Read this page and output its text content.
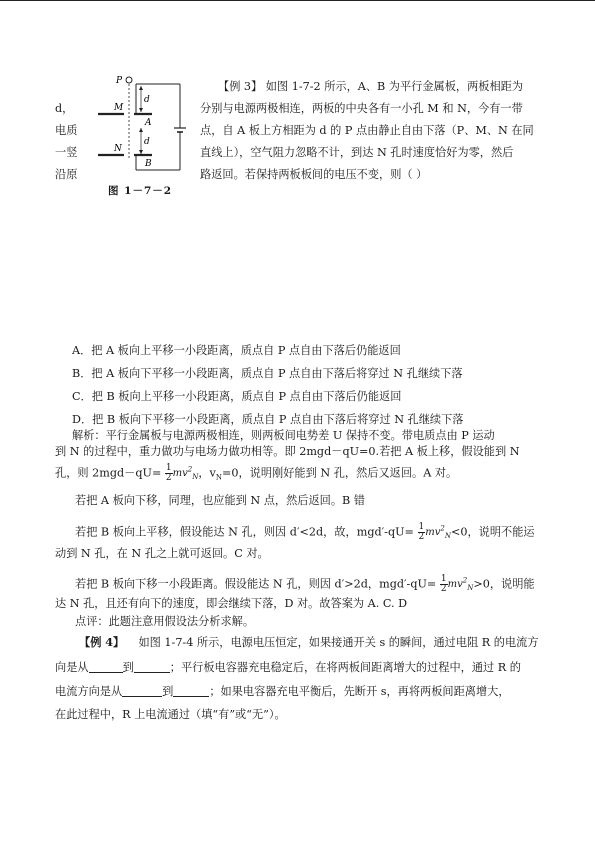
P
d
M
A
d
N
B
图 1－7－2
d，
电质
一竖
沿原
【例 3】 如图 1-7-2 所示，A、B 为平行金属板，两板相距为
分别与电源两极相连，两板的中央各有一小孔 M 和 N，今有一带
点，自 A 板上方相距为 d 的 P 点由静止自由下落（P、M、N 在同
直线上），空气阻力忽略不计，到达 N 孔时速度恰好为零，然后
路返回。若保持两板板间的电压不变，则（ ）
A．把 A 板向上平移一小段距离，质点自 P 点自由下落后仍能返回
B．把 A 板向下平移一小段距离，质点自 P 点自由下落后将穿过 N 孔继续下落
C．把 B 板向上平移一小段距离，质点自 P 点自由下落后仍能返回
D．把 B 板向下平移一小段距离，质点自 P 点自由下落后将穿过 N 孔继续下落
解析：平行金属板与电源两极相连，则两板间电势差 U 保持不变。带电质点由 P 运动
到 N 的过程中，重力做功与电场力做功相等。即 2mgd－qU=0.若把 A 板上移，假设能到 N
孔，则 $2mgd-qU= \frac{1}{2} mv^2_N$，$v_N=0$，说明刚好能到 N 孔，然后又返回。A 对。
若把 A 板向下移，同理，也应能到 N 点，然后返回。B 错
若把 B 板向上平移，假设能达 N 孔，则因 d′<2d，故，$mgd'-qU= \frac{1}{2} mv^2_N<0$，说明不能运
动到 N 孔，在 N 孔之上就可返回。C 对。
若把 B 板向下移一小段距离。假设能达 N 孔，则因 d′>2d，$mgd'-qU= \frac{1}{2} mv^2_N>0$，说明能
达 N 孔，且还有向下的速度，即会继续下落，D 对。故答案为 A. C. D
点评：此题注意用假设法分析求解。
【例 4】 如图 1-7-4 所示，电源电压恒定，如果接通开关 s 的瞬间，通过电阻 R 的电流方
向是从	到	；平行板电容器充电稳定后，在将两板间距离增大的过程中，通过 R 的
电流方向是从	到	；如果电容器充电平衡后，先断开 s，再将两板间距离增大，
在此过程中，R 上电流通过（填“有”或“无”）。
